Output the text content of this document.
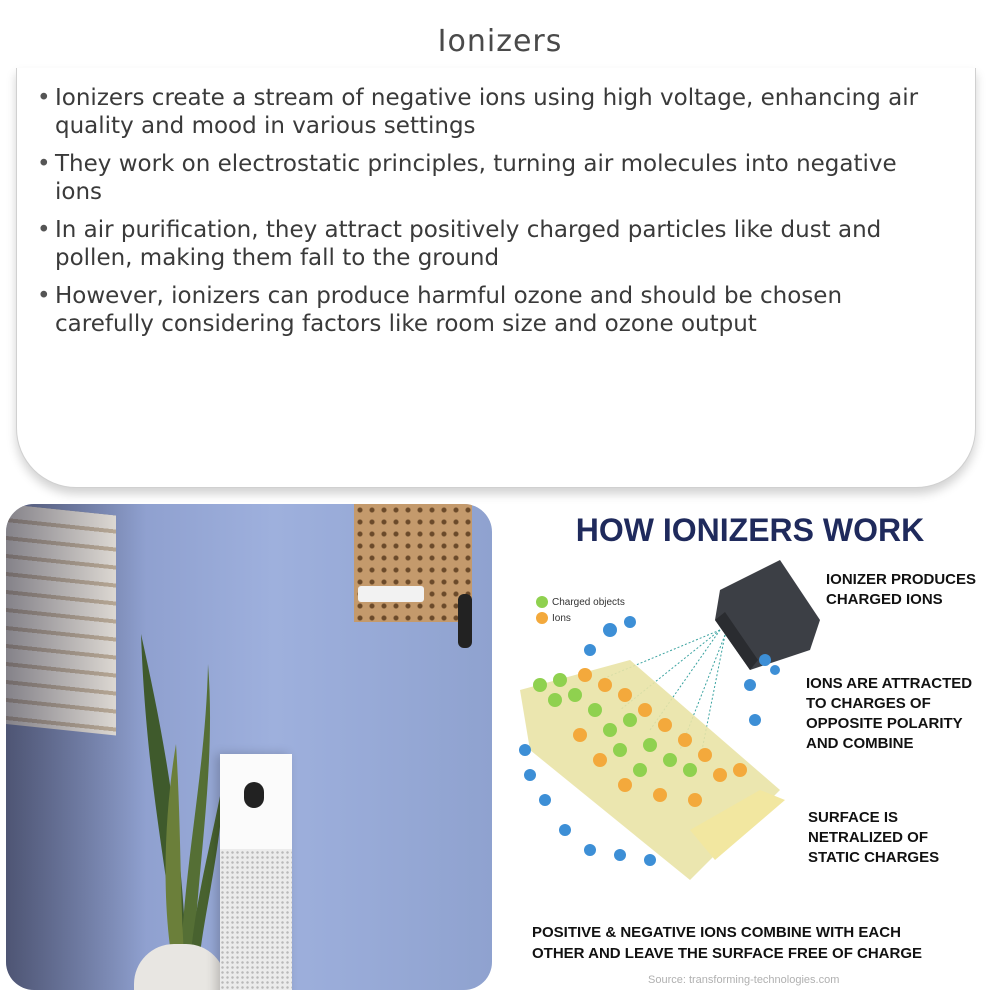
Ionizers
• Ionizers create a stream of negative ions using high voltage, enhancing air quality and mood in various settings
• They work on electrostatic principles, turning air molecules into negative ions
• In air purification, they attract positively charged particles like dust and pollen, making them fall to the ground
• However, ionizers can produce harmful ozone and should be chosen carefully considering factors like room size and ozone output
HOW IONIZERS WORK
Charged objects
Ions
IONIZER PRODUCES
CHARGED IONS
IONS ARE ATTRACTED
TO CHARGES OF
OPPOSITE POLARITY
AND COMBINE
SURFACE IS
NETRALIZED OF
STATIC CHARGES
POSITIVE & NEGATIVE IONS COMBINE WITH EACH
OTHER AND LEAVE THE SURFACE FREE OF CHARGE
Source: transforming-technologies.com
